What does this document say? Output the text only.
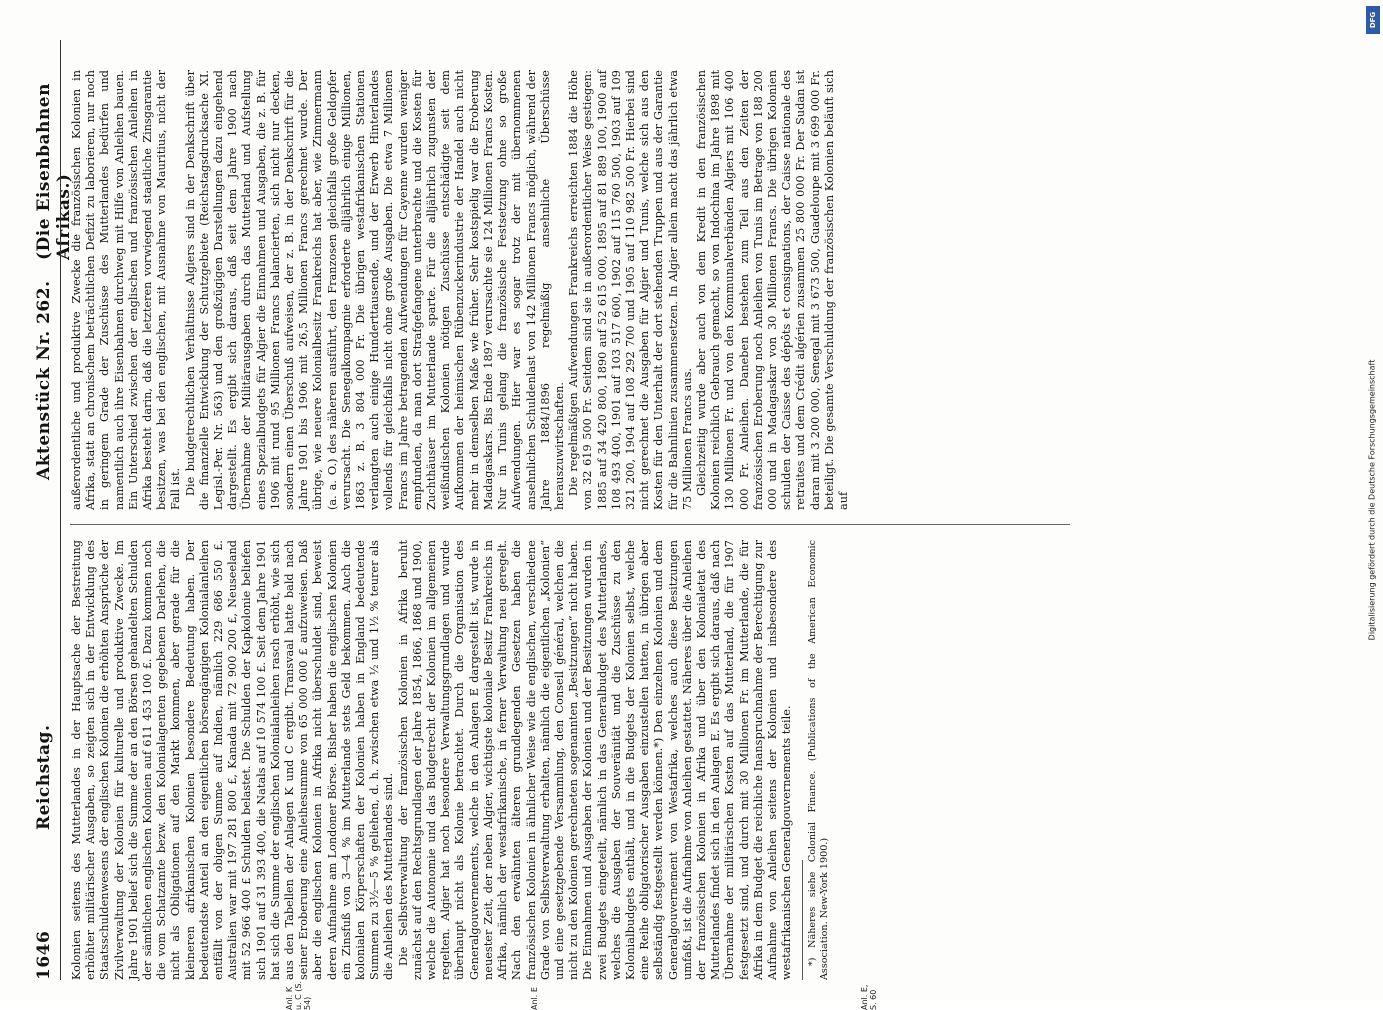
1646
Reichstag.
Aktenstück Nr. 262.
(Die Eisenbahnen Afrikas.)

Kolonien seitens des Mutterlandes in der Hauptsache der Bestreitung erhöhter militärischer Ausgaben, so zeigten sich in der Entwicklung des Staatsschuldenwesens der englischen Kolonien die erhöhten Ansprüche der Zivilverwaltung der Kolonien für kulturelle und produktive Zwecke. Im Jahre 1901 belief sich die Summe der an den Börsen gehandelten Schulden der sämtlichen englischen Kolonien auf 611 453 100 £. Dazu kommen noch die vom Schatzamte bezw. den Kolonialagenten gegebenen Darlehen, die nicht als Obligationen auf den Markt kommen, aber gerade für die kleineren afrikanischen Kolonien besondere Bedeutung haben. Der bedeutendste Anteil an den eigentlichen börsengängigen Kolonialanleihen entfällt von der obigen Summe auf Indien, nämlich 229 686 550 £. Australien war mit 197 281 800 £, Kanada mit 72 900 200 £, Neuseeland mit 52 966 400 £ Schulden belastet. Die Schulden der Kapkolonie beliefen sich 1901 auf 31 393 400, die Natals auf 10 574 100 £. Seit dem Jahre 1901 hat sich die Summe der englischen Kolonialanleihen rasch erhöht, wie sich aus den Tabellen der Anlagen K und C ergibt. Transvaal hatte bald nach seiner Eroberung eine Anleihesumme von 65 000 000 £ aufzuweisen. Daß aber die englischen Kolonien in Afrika nicht überschuldet sind, beweist deren Aufnahme am Londoner Börse. Bisher haben die englischen Kolonien ein Zinsfuß von 3—4 % im Mutterlande stets Geld bekommen. Auch die kolonialen Körperschaften der Kolonien haben in England bedeutende Summen zu 3½—5 % geliehen, d. h. zwischen etwa ½ und 1½ % teurer als die Anleihen des Mutterlandes sind. Die Selbstverwaltung der französischen Kolonien in Afrika beruht zunächst auf den Rechtsgrundlagen der Jahre 1854, 1866, 1868 und 1900, welche die Autonomie und das Budgetrecht der Kolonien im allgemeinen regelten. Algier hat noch besondere Verwaltungsgrundlagen und wurde überhaupt nicht als Kolonie betrachtet. Durch die Organisation des Generalgouvernements, welche in den Anlagen E dargestellt ist, wurde in neuester Zeit, der neben Algier, wichtigste koloniale Besitz Frankreichs in Afrika, nämlich der westafrikanische, in ferner Verwaltung neu geregelt. Nach den erwähnten älteren grundlegenden Gesetzen haben die französischen Kolonien in ähnlicher Weise wie die englischen, verschiedene Grade von Selbstverwaltung erhalten, nämlich die eigentlichen „Kolonien“ und eine gesetzgebende Versammlung, den Conseil général, welchen die nicht zu den Kolonien gerechneten sogenannten „Besitzungen“ nicht haben. Die Einnahmen und Ausgaben der Kolonien und der Besitzungen wurden in zwei Budgets eingeteilt, nämlich in das Generalbudget des Mutterlandes, welches die Ausgaben der Souveränität und die Zuschüsse zu den Kolonialbudgets enthält, und in die Budgets der Kolonien selbst, welche eine Reihe obligatorischer Ausgaben einzustellen hatten, in übrigen aber selbständig festgestellt werden können.*) Den einzelnen Kolonien und dem Generalgouvernement von Westafrika, welches auch diese Besitzungen umfaßt, ist die Aufnahme von Anleihen gestattet. Näheres über die Anleihen der französischen Kolonien in Afrika und über den Kolonialetat des Mutterlandes findet sich in den Anlagen E. Es ergibt sich daraus, daß nach Übernahme der militärischen Kosten auf das Mutterland, die für 1907 festgesetzt sind, und durch mit 30 Millionen Fr. im Mutterlande, die für Afrika in dem Budget die reichliche Inanspruchnahme der Berechtigung zur Aufnahme von Anleihen seitens der Kolonien und insbesondere des westafrikanischen Generalgouvernements teile. *) Näheres siehe Colonial Finance. (Publications of the American Economic Association. New-York 1900.)

außerordentliche und produktive Zwecke die französischen Kolonien in Afrika, statt an chronischem beträchtlichen Defizit zu laborieren, nur noch in geringem Grade der Zuschüsse des Mutterlandes bedürfen und namentlich auch ihre Eisenbahnen durchweg mit Hilfe von Anleihen bauen. Ein Unterschied zwischen der englischen und französischen Anleihen in Afrika besteht darin, daß die letzteren vorwiegend staatliche Zinsgarantie besitzen, was bei den englischen, mit Ausnahme von Mauritius, nicht der Fall ist. Die budgetrechtlichen Verhältnisse Algiers sind in der Denkschrift über die finanzielle Entwicklung der Schutzgebiete (Reichstagsdrucksache XI. Legisl.-Per. Nr. 563) und den großzügigen Darstellungen dazu eingehend dargestellt. Es ergibt sich daraus, daß seit dem Jahre 1900 nach Übernahme der Militärausgaben durch das Mutterland und Aufstellung eines Spezialbudgets für Algier die Einnahmen und Ausgaben, die z. B. für 1906 mit rund 95 Millionen Francs balancierten, sich nicht nur decken, sondern einen Überschuß aufweisen, der z. B. in der Denkschrift für die Jahre 1901 bis 1906 mit 26,5 Millionen Francs gerechnet wurde. Der übrige, wie neuere Kolonialbesitz Frankreichs hat aber, wie Zimmermann (a. a. O.) des näheren ausführt, den Franzosen gleichfalls große Geldopfer verursacht. Die Senegalkompagnie erforderte alljährlich einige Millionen, 1863 z. B. 3 804 000 Fr. Die übrigen westafrikanischen Stationen verlangten auch einige Hunderttausende, und der Erwerb Hinterlandes vollends für gleichfalls nicht ohne große Ausgaben. Die etwa 7 Millionen Francs im Jahre betragenden Aufwendungen für Cayenne wurden weniger empfunden, da man dort Strafgefangene unterbrachte und die Kosten für Zuchthäuser im Mutterlande sparte. Für die alljährlich zugunsten der weißindischen Kolonien nötigen Zuschüsse entschädigte seit dem Aufkommen der heimischen Rübenzuckerindustrie der Handel auch nicht mehr in demselben Maße wie früher. Sehr kostspielig war die Eroberung Madagaskars. Bis Ende 1897 verursachte sie 124 Millionen Francs Kosten. Nur in Tunis gelang die französische Festsetzung ohne so große Aufwendungen. Hier war es sogar trotz der mit übernommenen ansehnlichen Schuldenlast von 142 Millionen Francs möglich, während der Jahre 1884/1896 regelmäßig ansehnliche Überschüsse herauszuwirtschaften. Die regelmäßigen Aufwendungen Frankreichs erreichten 1884 die Höhe von 32 619 500 Fr. Seitdem sind sie in außerordentlicher Weise gestiegen: 1885 auf 34 420 800, 1890 auf 52 615 000, 1895 auf 81 889 100, 1900 auf 108 493 400, 1901 auf 103 517 600, 1902 auf 115 760 500, 1903 auf 109 321 200, 1904 auf 108 292 700 und 1905 auf 110 982 500 Fr. Hierbei sind nicht gerechnet die Ausgaben für Algier und Tunis, welche sich aus den Kosten für den Unterhalt der dort stehenden Truppen und aus der Garantie für die Bahnlinien zusammensetzen. In Algier allein macht das jährlich etwa 75 Millionen Francs aus. Gleichzeitig wurde aber auch von dem Kredit in den französischen Kolonien reichlich Gebrauch gemacht, so von Indochina im Jahre 1898 mit 130 Millionen Fr. und von den Kommunalverbänden Algiers mit 106 400 000 Fr. Anleihen. Daneben bestehen zum Teil aus den Zeiten der französischen Eroberung noch Anleihen von Tunis im Betrage von 188 200 000 und in Madagaskar von 30 Millionen Francs. Die übrigen Kolonien schulden der Caisse des dépôts et consignations, der Caisse nationale des retraites und dem Crédit algérien zusammen 25 800 000 Fr. Der Sudan ist daran mit 3 200 000, Senegal mit 3 673 500, Guadeloupe mit 3 699 000 Fr. beteiligt. Die gesamte Verschuldung der französischen Kolonien beläuft sich auf

Anl. K u. C (S. 54)	Anl. E	Anl. E, S. 60
Digitalisierung gefördert durch die Deutsche Forschungsgemeinschaft
DFG
